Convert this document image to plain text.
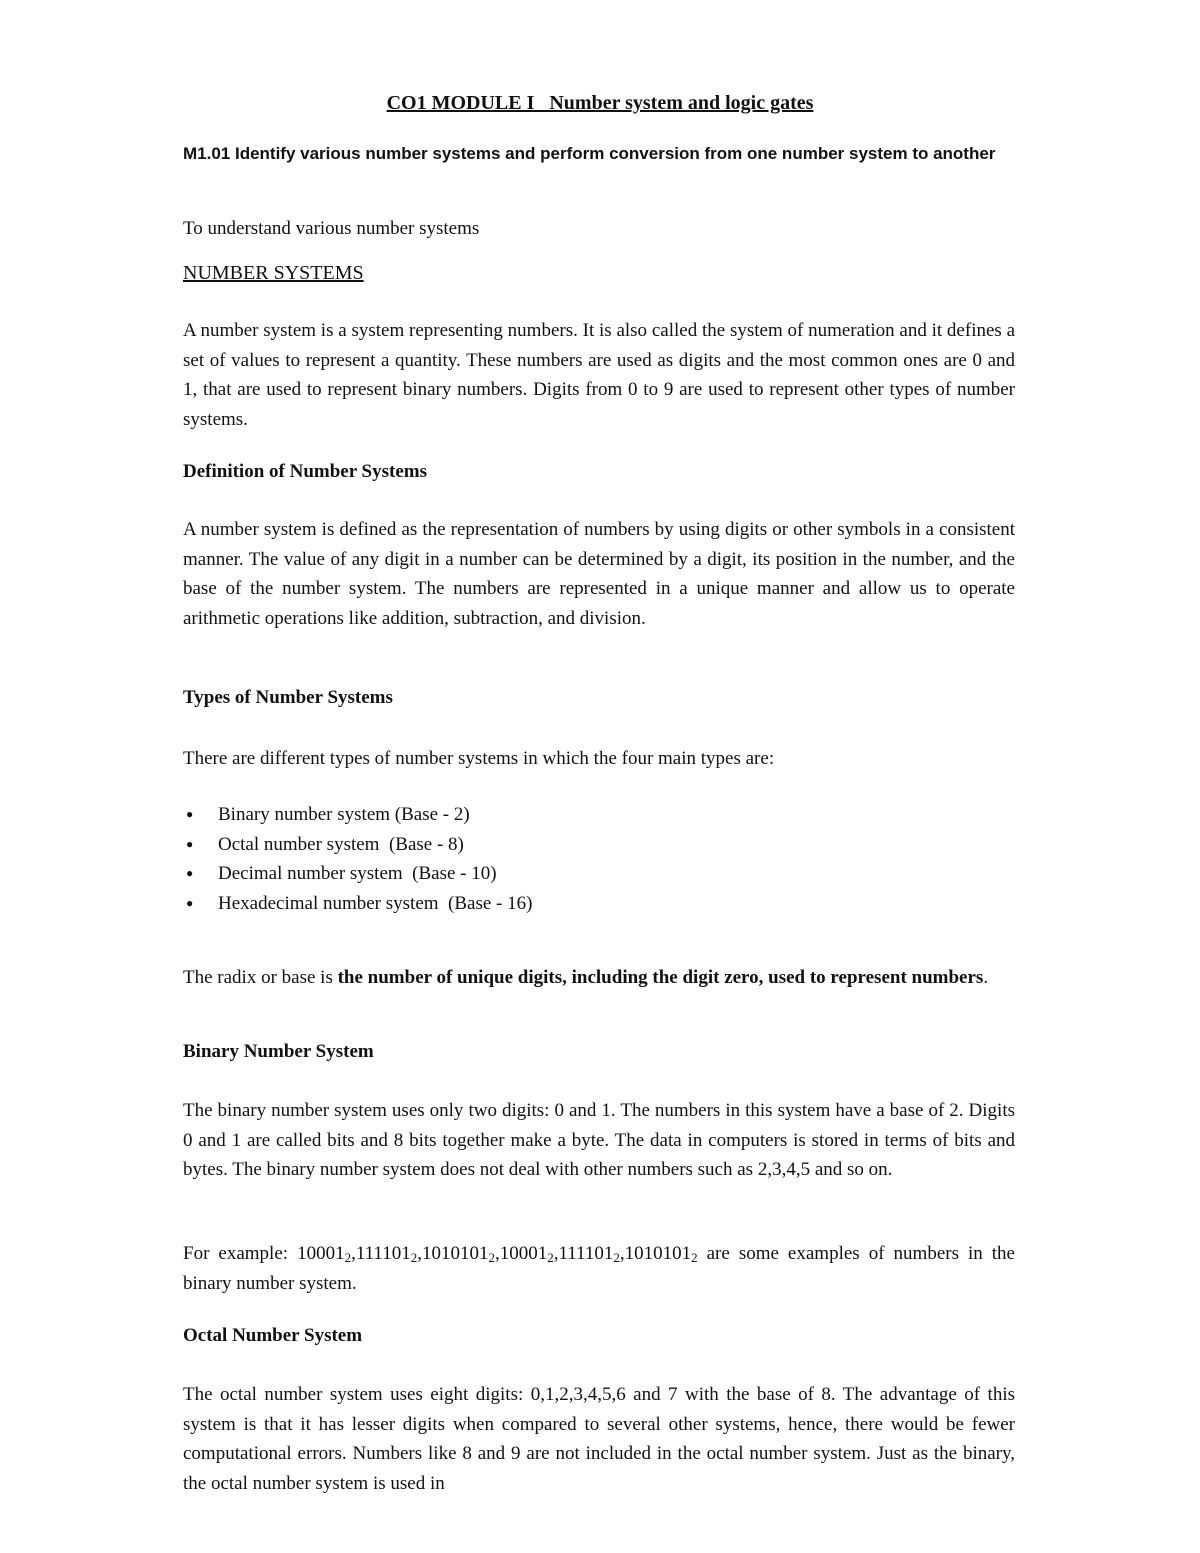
CO1 MODULE I   Number system and logic gates

M1.01 Identify various number systems and perform conversion from one number system to another

To understand various number systems

NUMBER SYSTEMS

A number system is a system representing numbers. It is also called the system of numeration and it defines a set of values to represent a quantity. These numbers are used as digits and the most common ones are 0 and 1, that are used to represent binary numbers. Digits from 0 to 9 are used to represent other types of number systems.

Definition of Number Systems

A number system is defined as the representation of numbers by using digits or other symbols in a consistent manner. The value of any digit in a number can be determined by a digit, its position in the number, and the base of the number system. The numbers are represented in a unique manner and allow us to operate arithmetic operations like addition, subtraction, and division.

Types of Number Systems

There are different types of number systems in which the four main types are:

● Binary number system (Base - 2)
● Octal number system  (Base - 8)
● Decimal number system  (Base - 10)
● Hexadecimal number system  (Base - 16)

The radix or base is the number of unique digits, including the digit zero, used to represent numbers.

Binary Number System

The binary number system uses only two digits: 0 and 1. The numbers in this system have a base of 2. Digits 0 and 1 are called bits and 8 bits together make a byte. The data in computers is stored in terms of bits and bytes. The binary number system does not deal with other numbers such as 2,3,4,5 and so on.

For example: $10001_2,111101_2,1010101_2,10001_2,111101_2,1010101_2$ are some examples of numbers in the binary number system.

Octal Number System

The octal number system uses eight digits: 0,1,2,3,4,5,6 and 7 with the base of 8. The advantage of this system is that it has lesser digits when compared to several other systems, hence, there would be fewer computational errors. Numbers like 8 and 9 are not included in the octal number system. Just as the binary, the octal number system is used in
